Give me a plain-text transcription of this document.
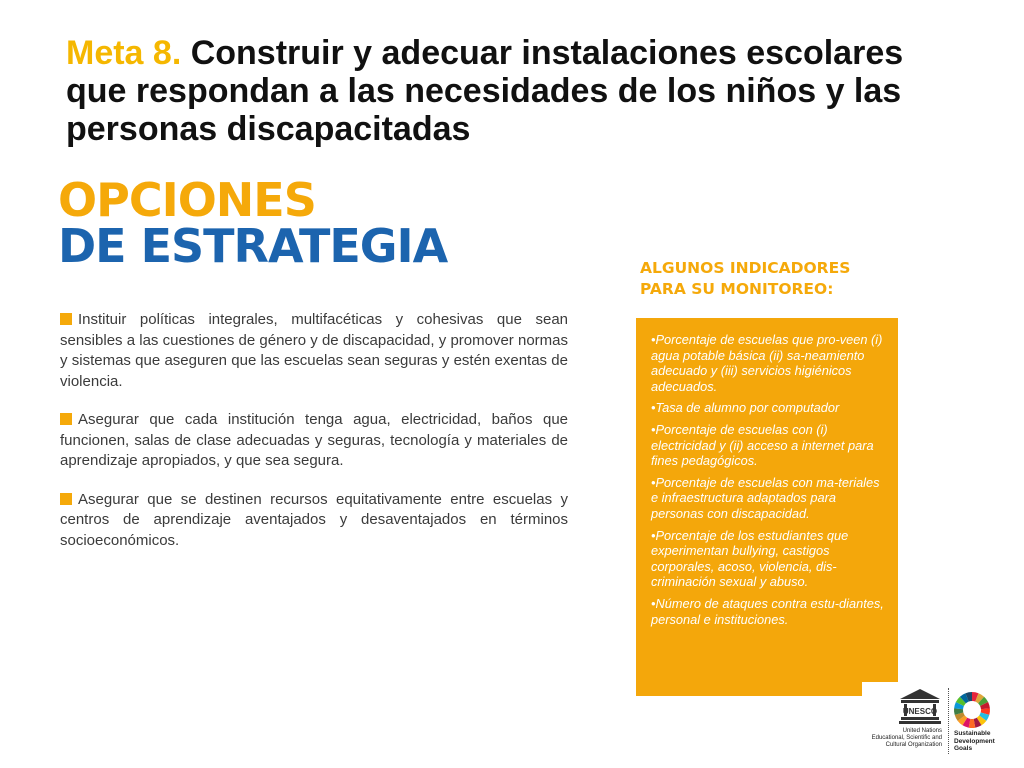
Meta 8. Construir y adecuar instalaciones escolares que respondan a las necesidades de los niños y las personas discapacitadas
OPCIONES
DE ESTRATEGIA

Instituir políticas integrales, multifacéticas y cohesivas que sean sensibles a las cuestiones de género y de discapacidad, y promover normas y sistemas que aseguren que las escuelas sean seguras y estén exentas de violencia.

Asegurar que cada institución tenga agua, electricidad, baños que funcionen, salas de clase adecuadas y seguras, tecnología y materiales de aprendizaje apropiados, y que sea segura.

Asegurar que se destinen recursos equitativamente entre escuelas y centros de aprendizaje aventajados y desaventajados en términos socioeconómicos.

ALGUNOS INDICADORES
PARA SU MONITOREO:

•Porcentaje de escuelas que pro-veen (i) agua potable básica (ii) sa-neamiento adecuado y (iii) servicios higiénicos adecuados.

•Tasa de alumno por computador

•Porcentaje de escuelas con (i) electricidad y (ii) acceso a internet para fines pedagógicos.

•Porcentaje de escuelas con ma-teriales e infraestructura adaptados para personas con discapacidad.

•Porcentaje de los estudiantes que experimentan bullying, castigos corporales, acoso, violencia, dis-criminación sexual y abuso.

•Número de ataques contra estu-diantes, personal e instituciones.

UNESCO
United Nations
Educational, Scientific and
Cultural Organization
Sustainable
Development
Goals
